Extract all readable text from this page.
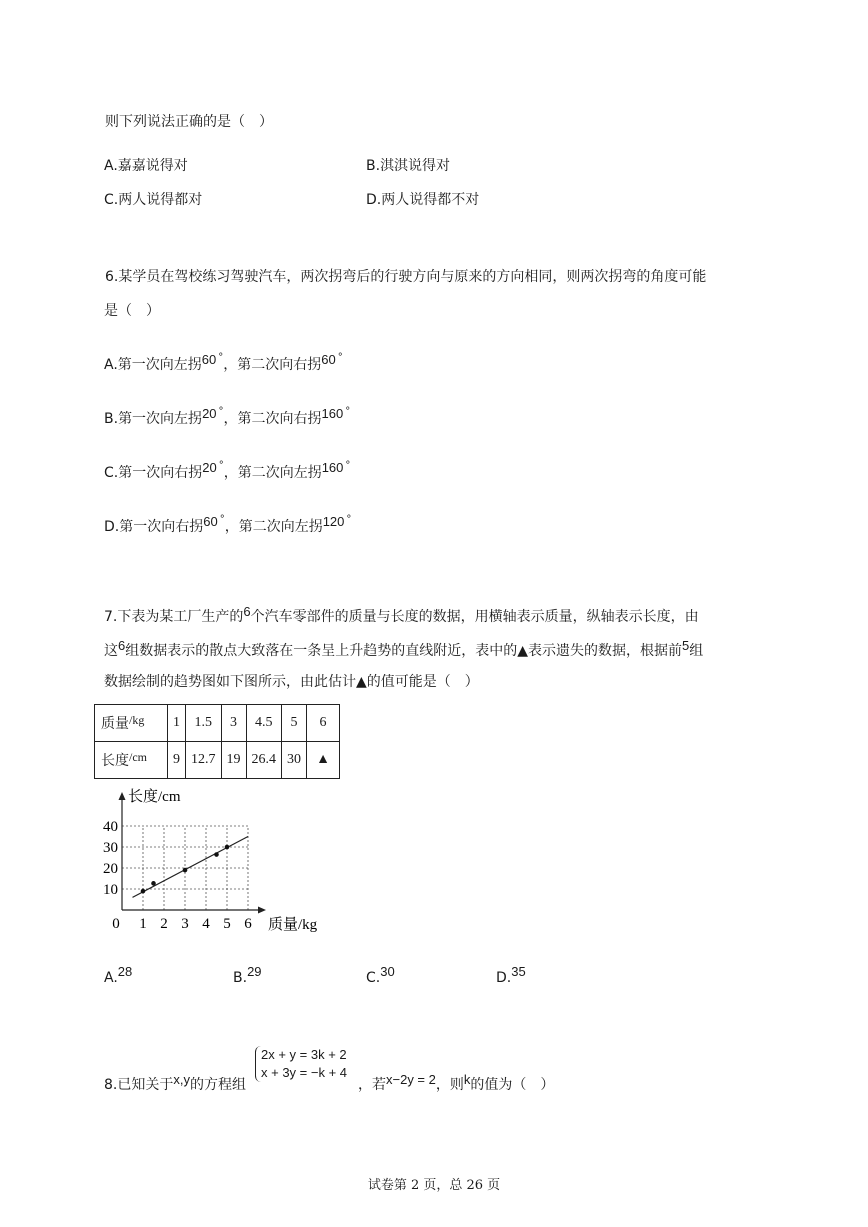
则下列说法正确的是（　）
A.嘉嘉说得对	B.淇淇说得对
C.两人说得都对	D.两人说得都不对
6.某学员在驾校练习驾驶汽车，两次拐弯后的行驶方向与原来的方向相同，则两次拐弯的角度可能
是（　）
A.第一次向左拐60 °，第二次向右拐60 °
B.第一次向左拐20 °，第二次向右拐160 °
C.第一次向右拐20 °，第二次向左拐160 °
D.第一次向右拐60 °，第二次向左拐120 °
7.下表为某工厂生产的6个汽车零部件的质量与长度的数据，用横轴表示质量，纵轴表示长度，由
这6组数据表示的散点大致落在一条呈上升趋势的直线附近，表中的▲表示遗失的数据，根据前5组
数据绘制的趋势图如下图所示，由此估计▲的值可能是（　）
质量/kg	1	1.5	3	4.5	5	6
长度/cm	9	12.7	19	26.4	30	▲
长度/cm
质量/kg
0 1 2 3 4 5 6
10
20
30
40
A.28	B.29	C.30	D.35
8.已知关于x,y的方程组
2x + y = 3k + 2
x + 3y = −k + 4
，若x−2y = 2，则k的值为（　）
试卷第 2 页，总 26 页
